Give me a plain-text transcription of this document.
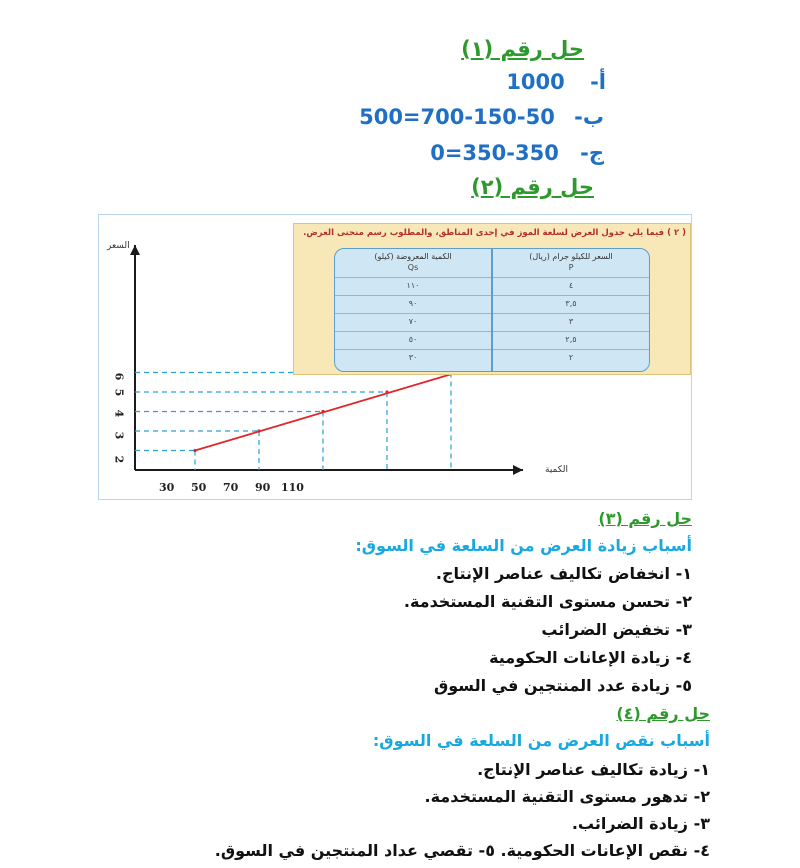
حل رقم (١)
أ- 1000
ب- 500=700-150-50
ج- 0=350-350
حل رقم (٢)
السعر
الكمية
6
5
4
3
2
30 50 70 90 110
( ٢ ) فيما يلي جدول العرض لسلعة الموز في إحدى المناطق، والمطلوب رسم منحنى العرض.
السعر للكيلو جرام (ريال)
P
٤
٣,٥
٣
٢,٥
٢
الكمية المعروضة (كيلو)
Qs
١١٠
٩٠
٧٠
٥٠
٣٠
حل رقم (٣)
أسباب زيادة العرض من السلعة في السوق:
١- انخفاض تكاليف عناصر الإنتاج.
٢- تحسن مستوى التقنية المستخدمة.
٣- تخفيض الضرائب
٤- زيادة الإعانات الحكومية
٥- زيادة عدد المنتجين في السوق
حل رقم (٤)
أسباب نقص العرض من السلعة في السوق:
١- زيادة تكاليف عناصر الإنتاج.
٢- تدهور مستوى التقنية المستخدمة.
٣- زيادة الضرائب.
٤- نقص الإعانات الحكومية. ٥- تقصي عداد المنتجين في السوق.
